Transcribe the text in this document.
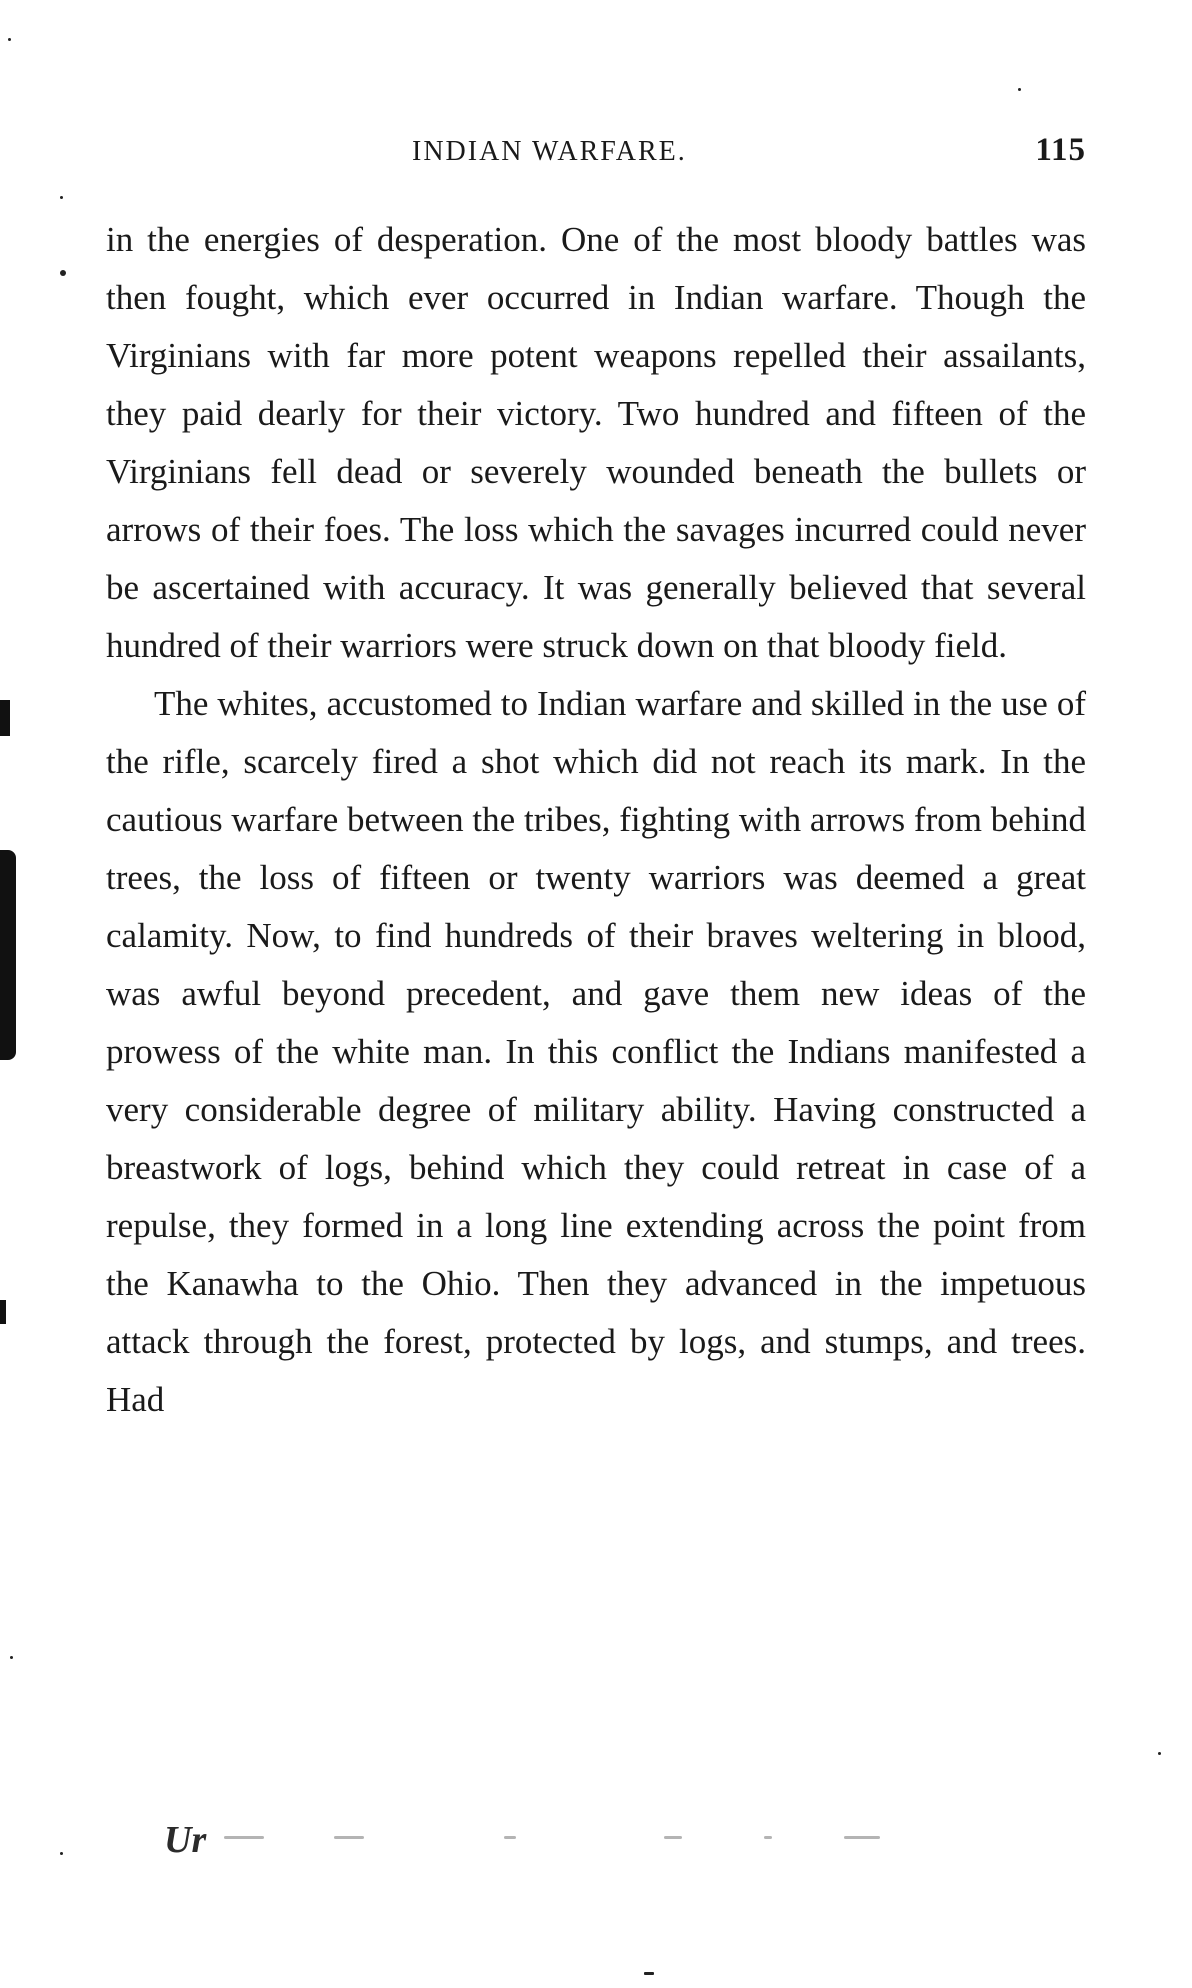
INDIAN WARFARE.	115

in the energies of desperation. One of the most bloody battles was then fought, which ever occurred in Indian warfare. Though the Virginians with far more potent weapons repelled their assailants, they paid dearly for their victory. Two hundred and fifteen of the Virginians fell dead or severely wounded beneath the bullets or arrows of their foes. The loss which the savages incurred could never be ascertained with accuracy. It was generally believed that several hundred of their warriors were struck down on that bloody field.

The whites, accustomed to Indian warfare and skilled in the use of the rifle, scarcely fired a shot which did not reach its mark. In the cautious warfare between the tribes, fighting with arrows from behind trees, the loss of fifteen or twenty warriors was deemed a great calamity. Now, to find hundreds of their braves weltering in blood, was awful beyond precedent, and gave them new ideas of the prowess of the white man. In this conflict the Indians manifested a very considerable degree of military ability. Having constructed a breastwork of logs, behind which they could retreat in case of a repulse, they formed in a long line extending across the point from the Kanawha to the Ohio. Then they advanced in the impetuous attack through the forest, protected by logs, and stumps, and trees. Had

Ur
